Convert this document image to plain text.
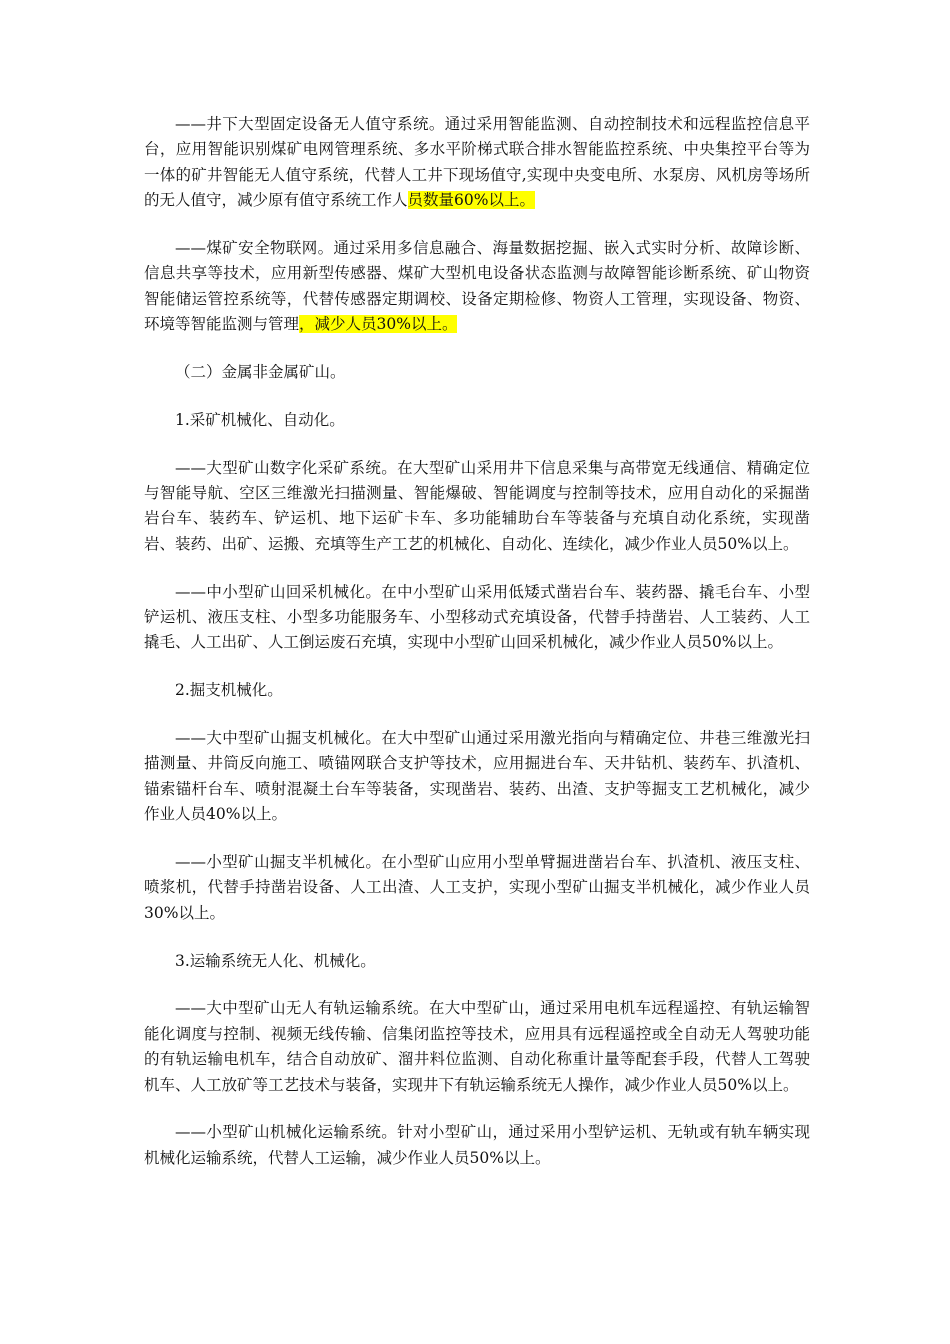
——井下大型固定设备无人值守系统。通过采用智能监测、自动控制技术和远程监控信息平台，应用智能识别煤矿电网管理系统、多水平阶梯式联合排水智能监控系统、中央集控平台等为一体的矿井智能无人值守系统，代替人工井下现场值守,实现中央变电所、水泵房、风机房等场所的无人值守，减少原有值守系统工作人员数量60%以上。

——煤矿安全物联网。通过采用多信息融合、海量数据挖掘、嵌入式实时分析、故障诊断、信息共享等技术，应用新型传感器、煤矿大型机电设备状态监测与故障智能诊断系统、矿山物资智能储运管控系统等，代替传感器定期调校、设备定期检修、物资人工管理，实现设备、物资、环境等智能监测与管理，减少人员30%以上。

（二）金属非金属矿山。

1.采矿机械化、自动化。

——大型矿山数字化采矿系统。在大型矿山采用井下信息采集与高带宽无线通信、精确定位与智能导航、空区三维激光扫描测量、智能爆破、智能调度与控制等技术，应用自动化的采掘凿岩台车、装药车、铲运机、地下运矿卡车、多功能辅助台车等装备与充填自动化系统，实现凿岩、装药、出矿、运搬、充填等生产工艺的机械化、自动化、连续化，减少作业人员50%以上。

——中小型矿山回采机械化。在中小型矿山采用低矮式凿岩台车、装药器、撬毛台车、小型铲运机、液压支柱、小型多功能服务车、小型移动式充填设备，代替手持凿岩、人工装药、人工撬毛、人工出矿、人工倒运废石充填，实现中小型矿山回采机械化，减少作业人员50%以上。

2.掘支机械化。

——大中型矿山掘支机械化。在大中型矿山通过采用激光指向与精确定位、井巷三维激光扫描测量、井筒反向施工、喷锚网联合支护等技术，应用掘进台车、天井钻机、装药车、扒渣机、锚索锚杆台车、喷射混凝土台车等装备，实现凿岩、装药、出渣、支护等掘支工艺机械化，减少作业人员40%以上。

——小型矿山掘支半机械化。在小型矿山应用小型单臂掘进凿岩台车、扒渣机、液压支柱、喷浆机，代替手持凿岩设备、人工出渣、人工支护，实现小型矿山掘支半机械化，减少作业人员30%以上。

3.运输系统无人化、机械化。

——大中型矿山无人有轨运输系统。在大中型矿山，通过采用电机车远程遥控、有轨运输智能化调度与控制、视频无线传输、信集闭监控等技术，应用具有远程遥控或全自动无人驾驶功能的有轨运输电机车，结合自动放矿、溜井料位监测、自动化称重计量等配套手段，代替人工驾驶机车、人工放矿等工艺技术与装备，实现井下有轨运输系统无人操作，减少作业人员50%以上。

——小型矿山机械化运输系统。针对小型矿山，通过采用小型铲运机、无轨或有轨车辆实现机械化运输系统，代替人工运输，减少作业人员50%以上。
